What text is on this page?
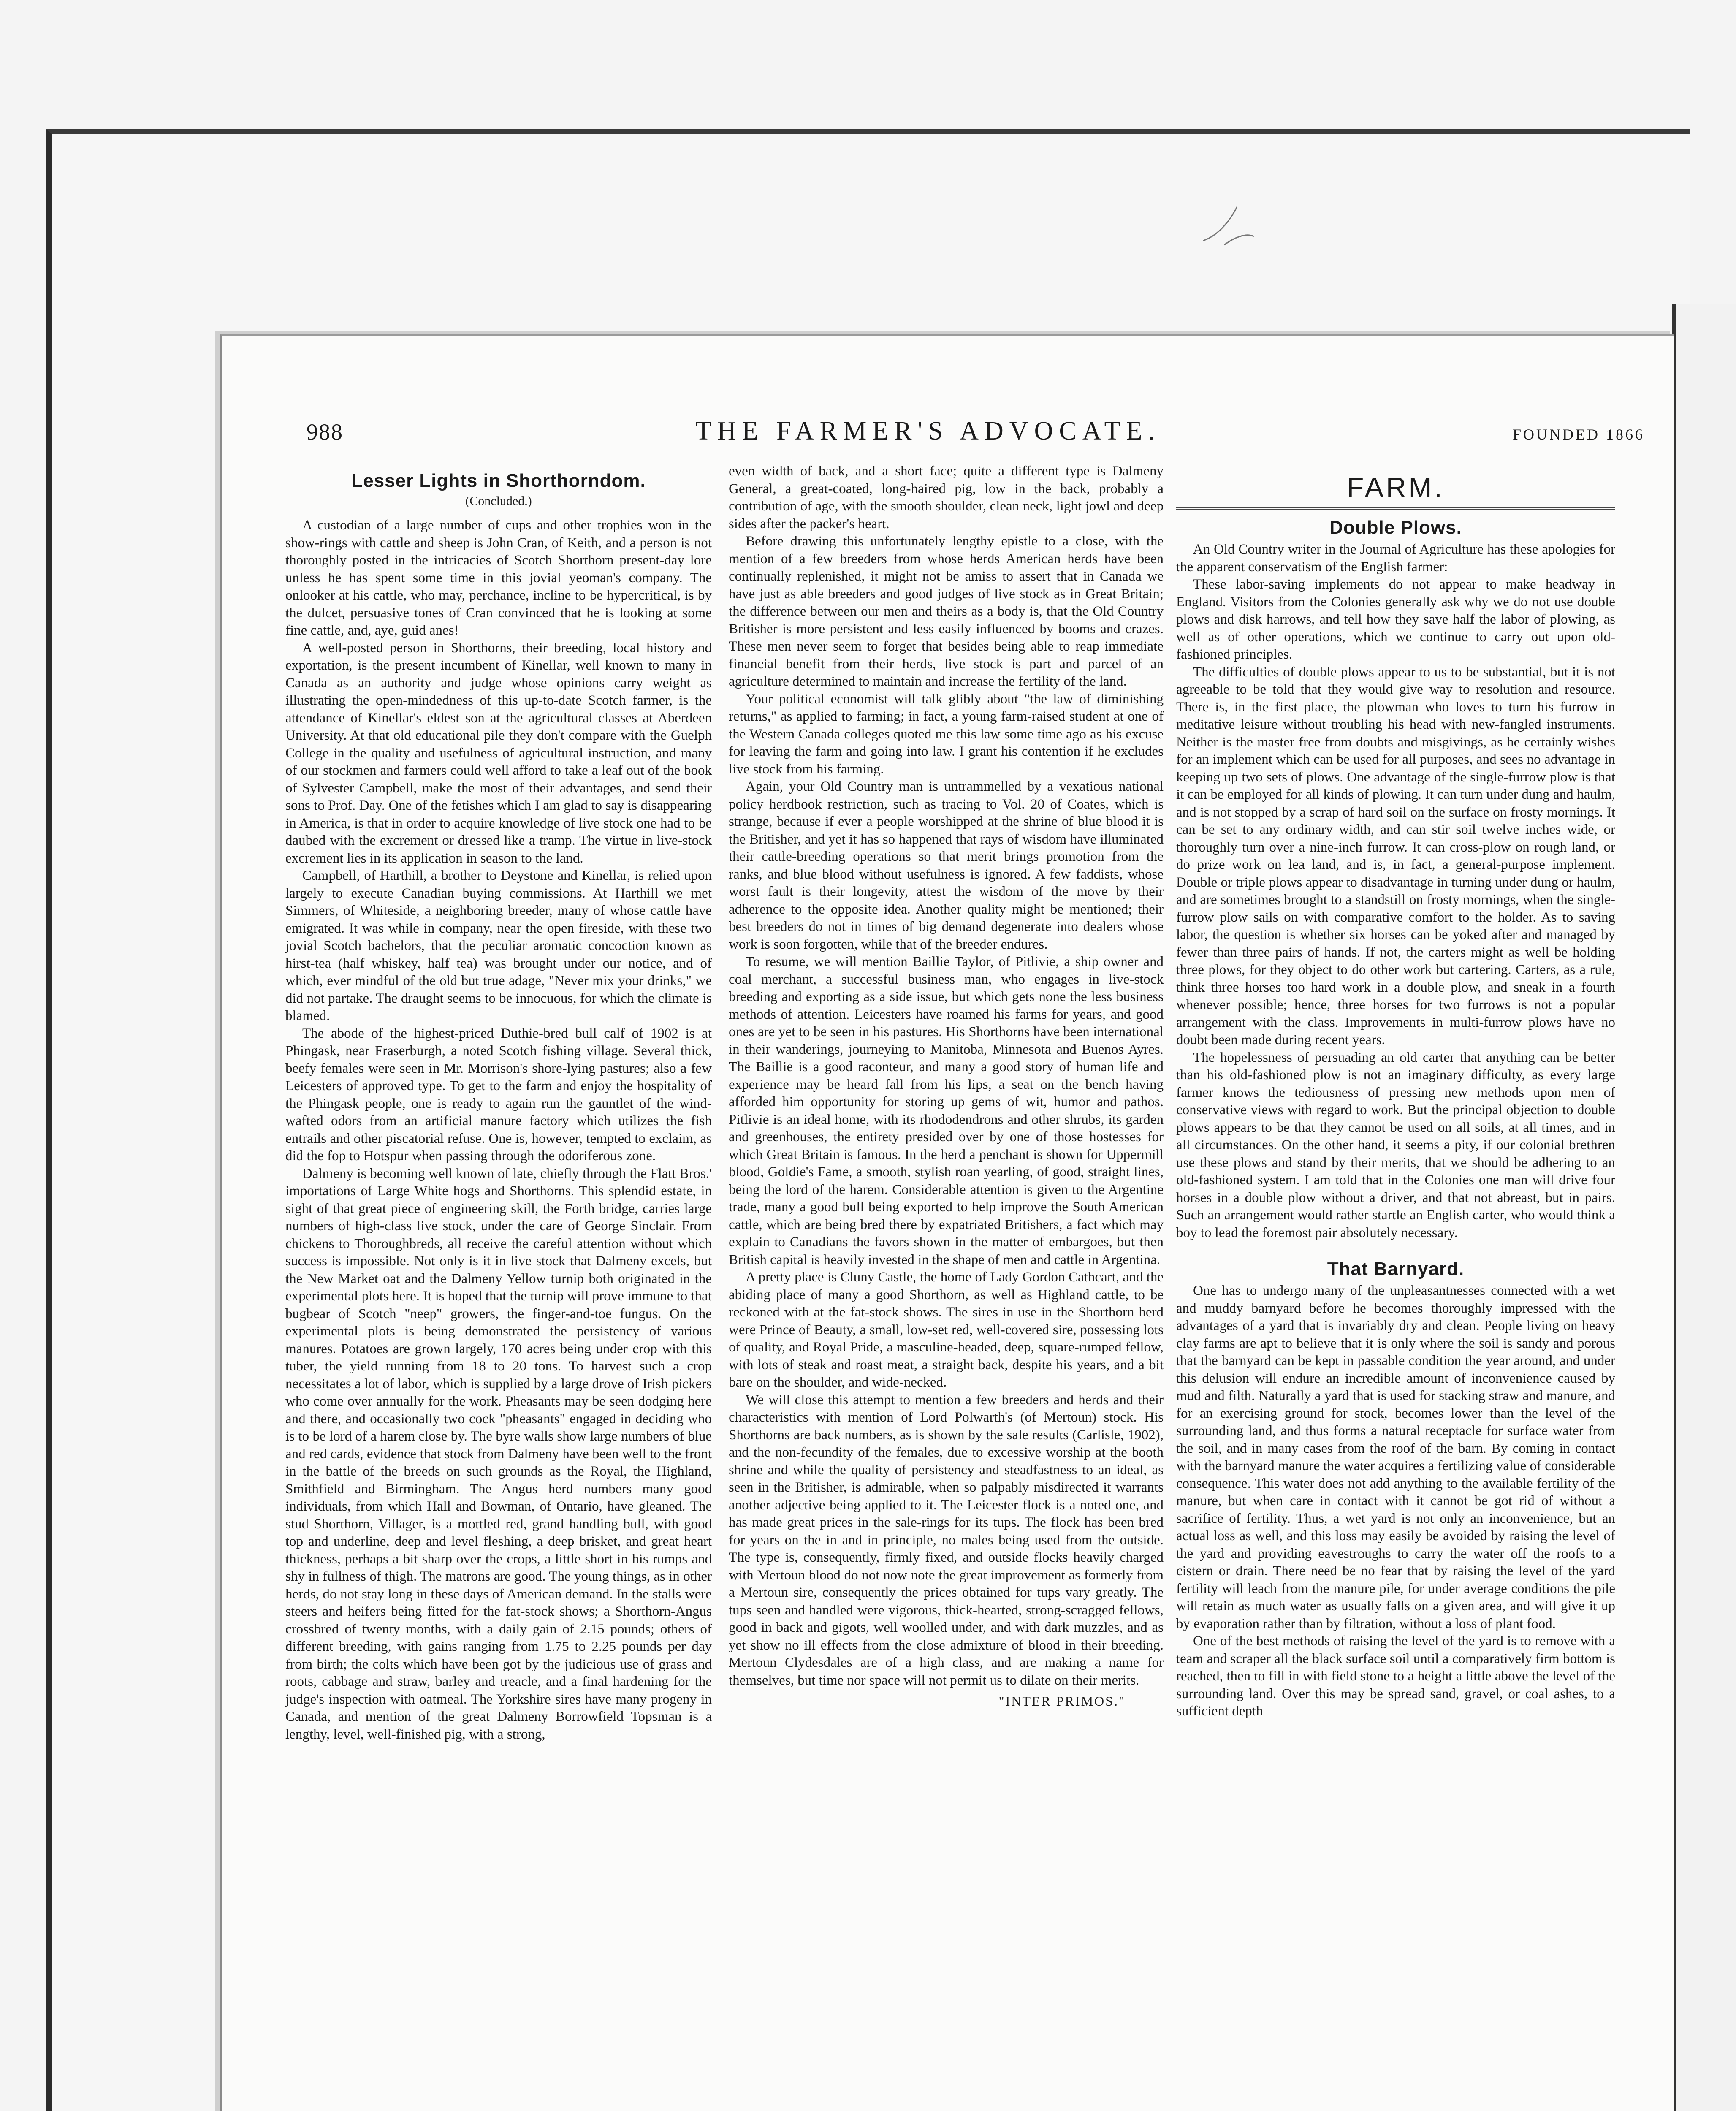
988	THE FARMER'S ADVOCATE.	FOUNDED 1866
Lesser Lights in Shorthorndom.
(Concluded.)

A custodian of a large number of cups and other trophies won in the show-rings with cattle and sheep is John Cran, of Keith, and a person is not thoroughly posted in the intricacies of Scotch Shorthorn present-day lore unless he has spent some time in this jovial yeoman's company. The onlooker at his cattle, who may, perchance, incline to be hypercritical, is by the dulcet, persuasive tones of Cran convinced that he is looking at some fine cattle, and, aye, guid anes!

A well-posted person in Shorthorns, their breeding, local history and exportation, is the present incumbent of Kinellar, well known to many in Canada as an authority and judge whose opinions carry weight as illustrating the open-mindedness of this up-to-date Scotch farmer, is the attendance of Kinellar's eldest son at the agricultural classes at Aberdeen University. At that old educational pile they don't compare with the Guelph College in the quality and usefulness of agricultural instruction, and many of our stockmen and farmers could well afford to take a leaf out of the book of Sylvester Campbell, make the most of their advantages, and send their sons to Prof. Day. One of the fetishes which I am glad to say is disappearing in America, is that in order to acquire knowledge of live stock one had to be daubed with the excrement or dressed like a tramp. The virtue in live-stock excrement lies in its application in season to the land.

Campbell, of Harthill, a brother to Deystone and Kinellar, is relied upon largely to execute Canadian buying commissions. At Harthill we met Simmers, of Whiteside, a neighboring breeder, many of whose cattle have emigrated. It was while in company, near the open fireside, with these two jovial Scotch bachelors, that the peculiar aromatic concoction known as hirst-tea (half whiskey, half tea) was brought under our notice, and of which, ever mindful of the old but true adage, "Never mix your drinks," we did not partake. The draught seems to be innocuous, for which the climate is blamed.

The abode of the highest-priced Duthie-bred bull calf of 1902 is at Phingask, near Fraserburgh, a noted Scotch fishing village. Several thick, beefy females were seen in Mr. Morrison's shore-lying pastures; also a few Leicesters of approved type. To get to the farm and enjoy the hospitality of the Phingask people, one is ready to again run the gauntlet of the wind-wafted odors from an artificial manure factory which utilizes the fish entrails and other piscatorial refuse. One is, however, tempted to exclaim, as did the fop to Hotspur when passing through the odoriferous zone.

Dalmeny is becoming well known of late, chiefly through the Flatt Bros.' importations of Large White hogs and Shorthorns. This splendid estate, in sight of that great piece of engineering skill, the Forth bridge, carries large numbers of high-class live stock, under the care of George Sinclair. From chickens to Thoroughbreds, all receive the careful attention without which success is impossible. Not only is it in live stock that Dalmeny excels, but the New Market oat and the Dalmeny Yellow turnip both originated in the experimental plots here. It is hoped that the turnip will prove immune to that bugbear of Scotch "neep" growers, the finger-and-toe fungus. On the experimental plots is being demonstrated the persistency of various manures. Potatoes are grown largely, 170 acres being under crop with this tuber, the yield running from 18 to 20 tons. To harvest such a crop necessitates a lot of labor, which is supplied by a large drove of Irish pickers who come over annually for the work. Pheasants may be seen dodging here and there, and occasionally two cock "pheasants" engaged in deciding who is to be lord of a harem close by. The byre walls show large numbers of blue and red cards, evidence that stock from Dalmeny have been well to the front in the battle of the breeds on such grounds as the Royal, the Highland, Smithfield and Birmingham. The Angus herd numbers many good individuals, from which Hall and Bowman, of Ontario, have gleaned. The stud Shorthorn, Villager, is a mottled red, grand handling bull, with good top and underline, deep and level fleshing, a deep brisket, and great heart thickness, perhaps a bit sharp over the crops, a little short in his rumps and shy in fullness of thigh. The matrons are good. The young things, as in other herds, do not stay long in these days of American demand. In the stalls were steers and heifers being fitted for the fat-stock shows; a Shorthorn-Angus crossbred of twenty months, with a daily gain of 2.15 pounds; others of different breeding, with gains ranging from 1.75 to 2.25 pounds per day from birth; the colts which have been got by the judicious use of grass and roots, cabbage and straw, barley and treacle, and a final hardening for the judge's inspection with oatmeal. The Yorkshire sires have many progeny in Canada, and mention of the great Dalmeny Borrowfield Topsman is a lengthy, level, well-finished pig, with a strong,

even width of back, and a short face; quite a different type is Dalmeny General, a great-coated, long-haired pig, low in the back, probably a contribution of age, with the smooth shoulder, clean neck, light jowl and deep sides after the packer's heart.

Before drawing this unfortunately lengthy epistle to a close, with the mention of a few breeders from whose herds American herds have been continually replenished, it might not be amiss to assert that in Canada we have just as able breeders and good judges of live stock as in Great Britain; the difference between our men and theirs as a body is, that the Old Country Britisher is more persistent and less easily influenced by booms and crazes. These men never seem to forget that besides being able to reap immediate financial benefit from their herds, live stock is part and parcel of an agriculture determined to maintain and increase the fertility of the land.

Your political economist will talk glibly about "the law of diminishing returns," as applied to farming; in fact, a young farm-raised student at one of the Western Canada colleges quoted me this law some time ago as his excuse for leaving the farm and going into law. I grant his contention if he excludes live stock from his farming.

Again, your Old Country man is untrammelled by a vexatious national policy herdbook restriction, such as tracing to Vol. 20 of Coates, which is strange, because if ever a people worshipped at the shrine of blue blood it is the Britisher, and yet it has so happened that rays of wisdom have illuminated their cattle-breeding operations so that merit brings promotion from the ranks, and blue blood without usefulness is ignored. A few faddists, whose worst fault is their longevity, attest the wisdom of the move by their adherence to the opposite idea. Another quality might be mentioned; their best breeders do not in times of big demand degenerate into dealers whose work is soon forgotten, while that of the breeder endures.

To resume, we will mention Baillie Taylor, of Pitlivie, a ship owner and coal merchant, a successful business man, who engages in live-stock breeding and exporting as a side issue, but which gets none the less business methods of attention. Leicesters have roamed his farms for years, and good ones are yet to be seen in his pastures. His Shorthorns have been international in their wanderings, journeying to Manitoba, Minnesota and Buenos Ayres. The Baillie is a good raconteur, and many a good story of human life and experience may be heard fall from his lips, a seat on the bench having afforded him opportunity for storing up gems of wit, humor and pathos. Pitlivie is an ideal home, with its rhododendrons and other shrubs, its garden and greenhouses, the entirety presided over by one of those hostesses for which Great Britain is famous. In the herd a penchant is shown for Uppermill blood, Goldie's Fame, a smooth, stylish roan yearling, of good, straight lines, being the lord of the harem. Considerable attention is given to the Argentine trade, many a good bull being exported to help improve the South American cattle, which are being bred there by expatriated Britishers, a fact which may explain to Canadians the favors shown in the matter of embargoes, but then British capital is heavily invested in the shape of men and cattle in Argentina.

A pretty place is Cluny Castle, the home of Lady Gordon Cathcart, and the abiding place of many a good Shorthorn, as well as Highland cattle, to be reckoned with at the fat-stock shows. The sires in use in the Shorthorn herd were Prince of Beauty, a small, low-set red, well-covered sire, possessing lots of quality, and Royal Pride, a masculine-headed, deep, square-rumped fellow, with lots of steak and roast meat, a straight back, despite his years, and a bit bare on the shoulder, and wide-necked.

We will close this attempt to mention a few breeders and herds and their characteristics with mention of Lord Polwarth's (of Mertoun) stock. His Shorthorns are back numbers, as is shown by the sale results (Carlisle, 1902), and the non-fecundity of the females, due to excessive worship at the booth shrine and while the quality of persistency and steadfastness to an ideal, as seen in the Britisher, is admirable, when so palpably misdirected it warrants another adjective being applied to it. The Leicester flock is a noted one, and has made great prices in the sale-rings for its tups. The flock has been bred for years on the in and in principle, no males being used from the outside. The type is, consequently, firmly fixed, and outside flocks heavily charged with Mertoun blood do not now note the great improvement as formerly from a Mertoun sire, consequently the prices obtained for tups vary greatly. The tups seen and handled were vigorous, thick-hearted, strong-scragged fellows, good in back and gigots, well woolled under, and with dark muzzles, and as yet show no ill effects from the close admixture of blood in their breeding. Mertoun Clydesdales are of a high class, and are making a name for themselves, but time nor space will not permit us to dilate on their merits.

"INTER PRIMOS."
FARM.
Double Plows.

An Old Country writer in the Journal of Agriculture has these apologies for the apparent conservatism of the English farmer:

These labor-saving implements do not appear to make headway in England. Visitors from the Colonies generally ask why we do not use double plows and disk harrows, and tell how they save half the labor of plowing, as well as of other operations, which we continue to carry out upon old-fashioned principles.

The difficulties of double plows appear to us to be substantial, but it is not agreeable to be told that they would give way to resolution and resource. There is, in the first place, the plowman who loves to turn his furrow in meditative leisure without troubling his head with new-fangled instruments. Neither is the master free from doubts and misgivings, as he certainly wishes for an implement which can be used for all purposes, and sees no advantage in keeping up two sets of plows. One advantage of the single-furrow plow is that it can be employed for all kinds of plowing. It can turn under dung and haulm, and is not stopped by a scrap of hard soil on the surface on frosty mornings. It can be set to any ordinary width, and can stir soil twelve inches wide, or thoroughly turn over a nine-inch furrow. It can cross-plow on rough land, or do prize work on lea land, and is, in fact, a general-purpose implement. Double or triple plows appear to disadvantage in turning under dung or haulm, and are sometimes brought to a standstill on frosty mornings, when the single-furrow plow sails on with comparative comfort to the holder. As to saving labor, the question is whether six horses can be yoked after and managed by fewer than three pairs of hands. If not, the carters might as well be holding three plows, for they object to do other work but cartering. Carters, as a rule, think three horses too hard work in a double plow, and sneak in a fourth whenever possible; hence, three horses for two furrows is not a popular arrangement with the class. Improvements in multi-furrow plows have no doubt been made during recent years.

The hopelessness of persuading an old carter that anything can be better than his old-fashioned plow is not an imaginary difficulty, as every large farmer knows the tediousness of pressing new methods upon men of conservative views with regard to work. But the principal objection to double plows appears to be that they cannot be used on all soils, at all times, and in all circumstances. On the other hand, it seems a pity, if our colonial brethren use these plows and stand by their merits, that we should be adhering to an old-fashioned system. I am told that in the Colonies one man will drive four horses in a double plow without a driver, and that not abreast, but in pairs. Such an arrangement would rather startle an English carter, who would think a boy to lead the foremost pair absolutely necessary.

That Barnyard.

One has to undergo many of the unpleasantnesses connected with a wet and muddy barnyard before he becomes thoroughly impressed with the advantages of a yard that is invariably dry and clean. People living on heavy clay farms are apt to believe that it is only where the soil is sandy and porous that the barnyard can be kept in passable condition the year around, and under this delusion will endure an incredible amount of inconvenience caused by mud and filth. Naturally a yard that is used for stacking straw and manure, and for an exercising ground for stock, becomes lower than the level of the surrounding land, and thus forms a natural receptacle for surface water from the soil, and in many cases from the roof of the barn. By coming in contact with the barnyard manure the water acquires a fertilizing value of considerable consequence. This water does not add anything to the available fertility of the manure, but when care in contact with it cannot be got rid of without a sacrifice of fertility. Thus, a wet yard is not only an inconvenience, but an actual loss as well, and this loss may easily be avoided by raising the level of the yard and providing eavestroughs to carry the water off the roofs to a cistern or drain. There need be no fear that by raising the level of the yard fertility will leach from the manure pile, for under average conditions the pile will retain as much water as usually falls on a given area, and will give it up by evaporation rather than by filtration, without a loss of plant food.

One of the best methods of raising the level of the yard is to remove with a team and scraper all the black surface soil until a comparatively firm bottom is reached, then to fill in with field stone to a height a little above the level of the surrounding land. Over this may be spread sand, gravel, or coal ashes, to a sufficient depth
